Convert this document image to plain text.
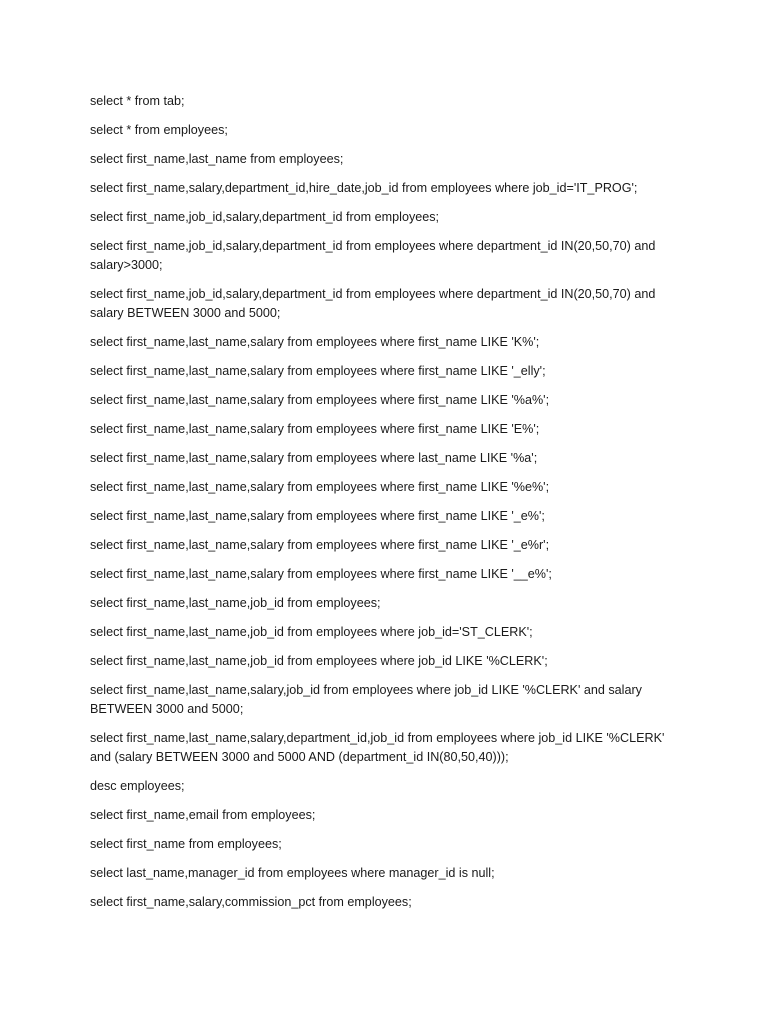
select * from tab;

select * from employees;

select first_name,last_name from employees;

select first_name,salary,department_id,hire_date,job_id from employees where job_id='IT_PROG';

select first_name,job_id,salary,department_id from employees;

select first_name,job_id,salary,department_id from employees where department_id IN(20,50,70) and salary>3000;

select first_name,job_id,salary,department_id from employees where department_id IN(20,50,70) and salary BETWEEN 3000 and 5000;

select first_name,last_name,salary from employees where first_name LIKE 'K%';

select first_name,last_name,salary from employees where first_name LIKE '_elly';

select first_name,last_name,salary from employees where first_name LIKE '%a%';

select first_name,last_name,salary from employees where first_name LIKE 'E%';

select first_name,last_name,salary from employees where last_name LIKE '%a';

select first_name,last_name,salary from employees where first_name LIKE '%e%';

select first_name,last_name,salary from employees where first_name LIKE '_e%';

select first_name,last_name,salary from employees where first_name LIKE '_e%r';

select first_name,last_name,salary from employees where first_name LIKE '__e%';

select first_name,last_name,job_id from employees;

select first_name,last_name,job_id from employees where job_id='ST_CLERK';

select first_name,last_name,job_id from employees where job_id LIKE '%CLERK';

select first_name,last_name,salary,job_id from employees where job_id LIKE '%CLERK' and salary BETWEEN 3000 and 5000;

select first_name,last_name,salary,department_id,job_id from employees where job_id LIKE '%CLERK' and (salary BETWEEN 3000 and 5000 AND (department_id IN(80,50,40)));

desc employees;

select first_name,email from employees;

select first_name from employees;

select last_name,manager_id from employees where manager_id is null;

select first_name,salary,commission_pct from employees;
